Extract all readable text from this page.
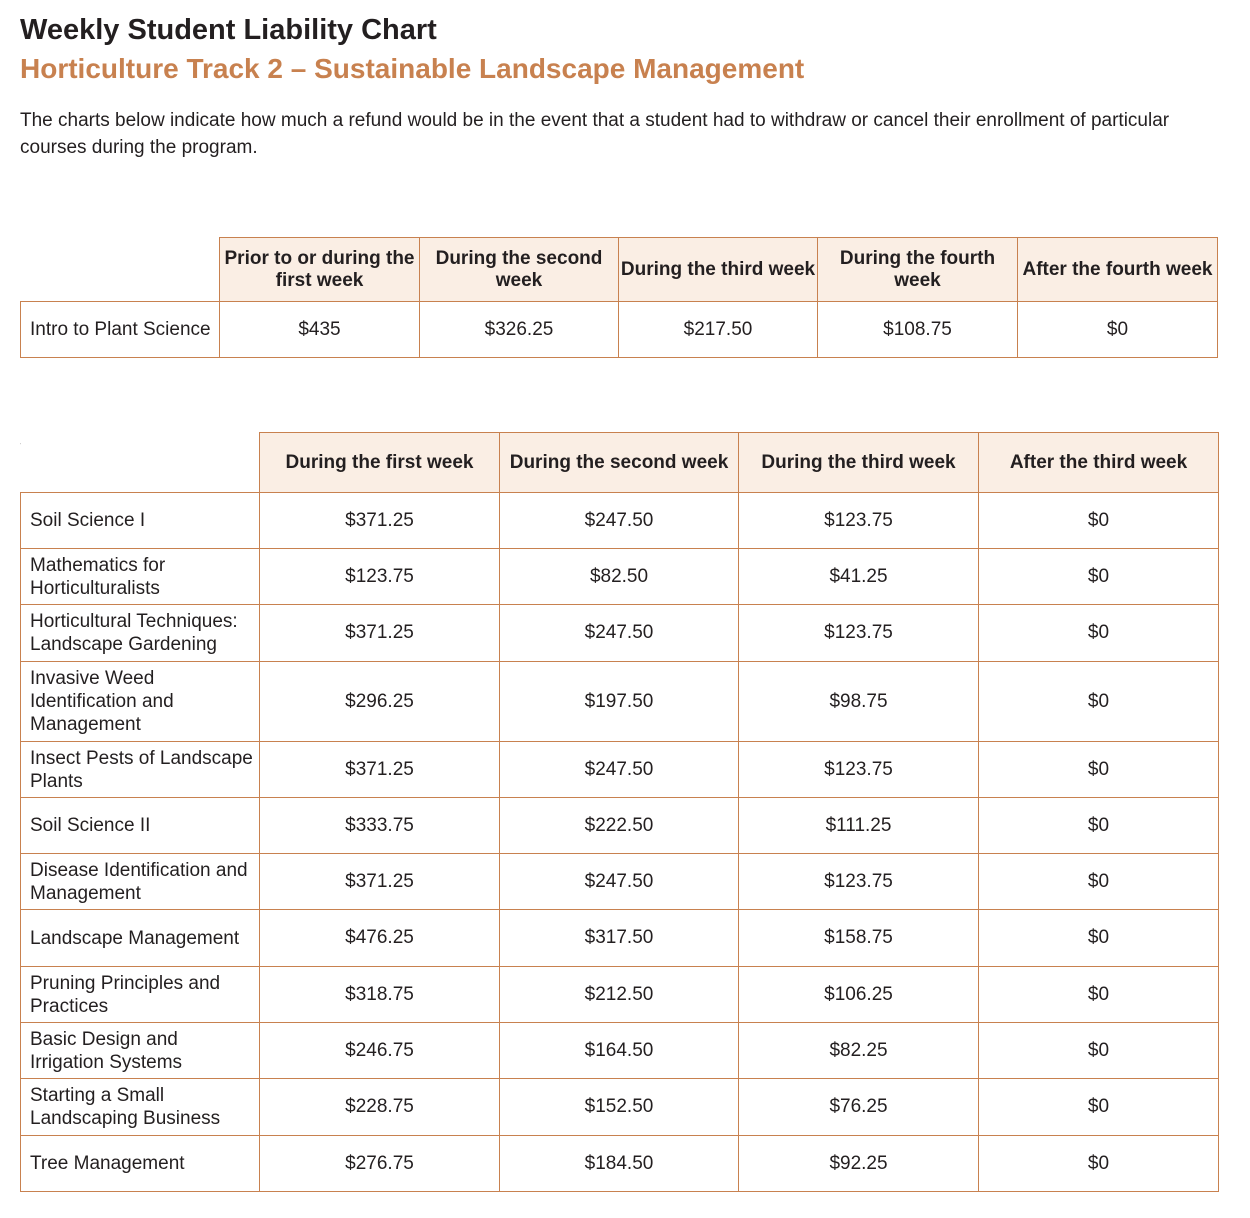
Weekly Student Liability Chart
Horticulture Track 2 – Sustainable Landscape Management
The charts below indicate how much a refund would be in the event that a student had to withdraw or cancel their enrollment of particular courses during the program.
	Prior to or during the first week	During the second week	During the third week	During the fourth week	After the fourth week
Intro to Plant Science	$435	$326.25	$217.50	$108.75	$0
	During the first week	During the second week	During the third week	After the third week
Soil Science I	$371.25	$247.50	$123.75	$0
Mathematics for Horticulturalists	$123.75	$82.50	$41.25	$0
Horticultural Techniques: Landscape Gardening	$371.25	$247.50	$123.75	$0
Invasive Weed Identification and Management	$296.25	$197.50	$98.75	$0
Insect Pests of Landscape Plants	$371.25	$247.50	$123.75	$0
Soil Science II	$333.75	$222.50	$111.25	$0
Disease Identification and Management	$371.25	$247.50	$123.75	$0
Landscape Management	$476.25	$317.50	$158.75	$0
Pruning Principles and Practices	$318.75	$212.50	$106.25	$0
Basic Design and Irrigation Systems	$246.75	$164.50	$82.25	$0
Starting a Small Landscaping Business	$228.75	$152.50	$76.25	$0
Tree Management	$276.75	$184.50	$92.25	$0
